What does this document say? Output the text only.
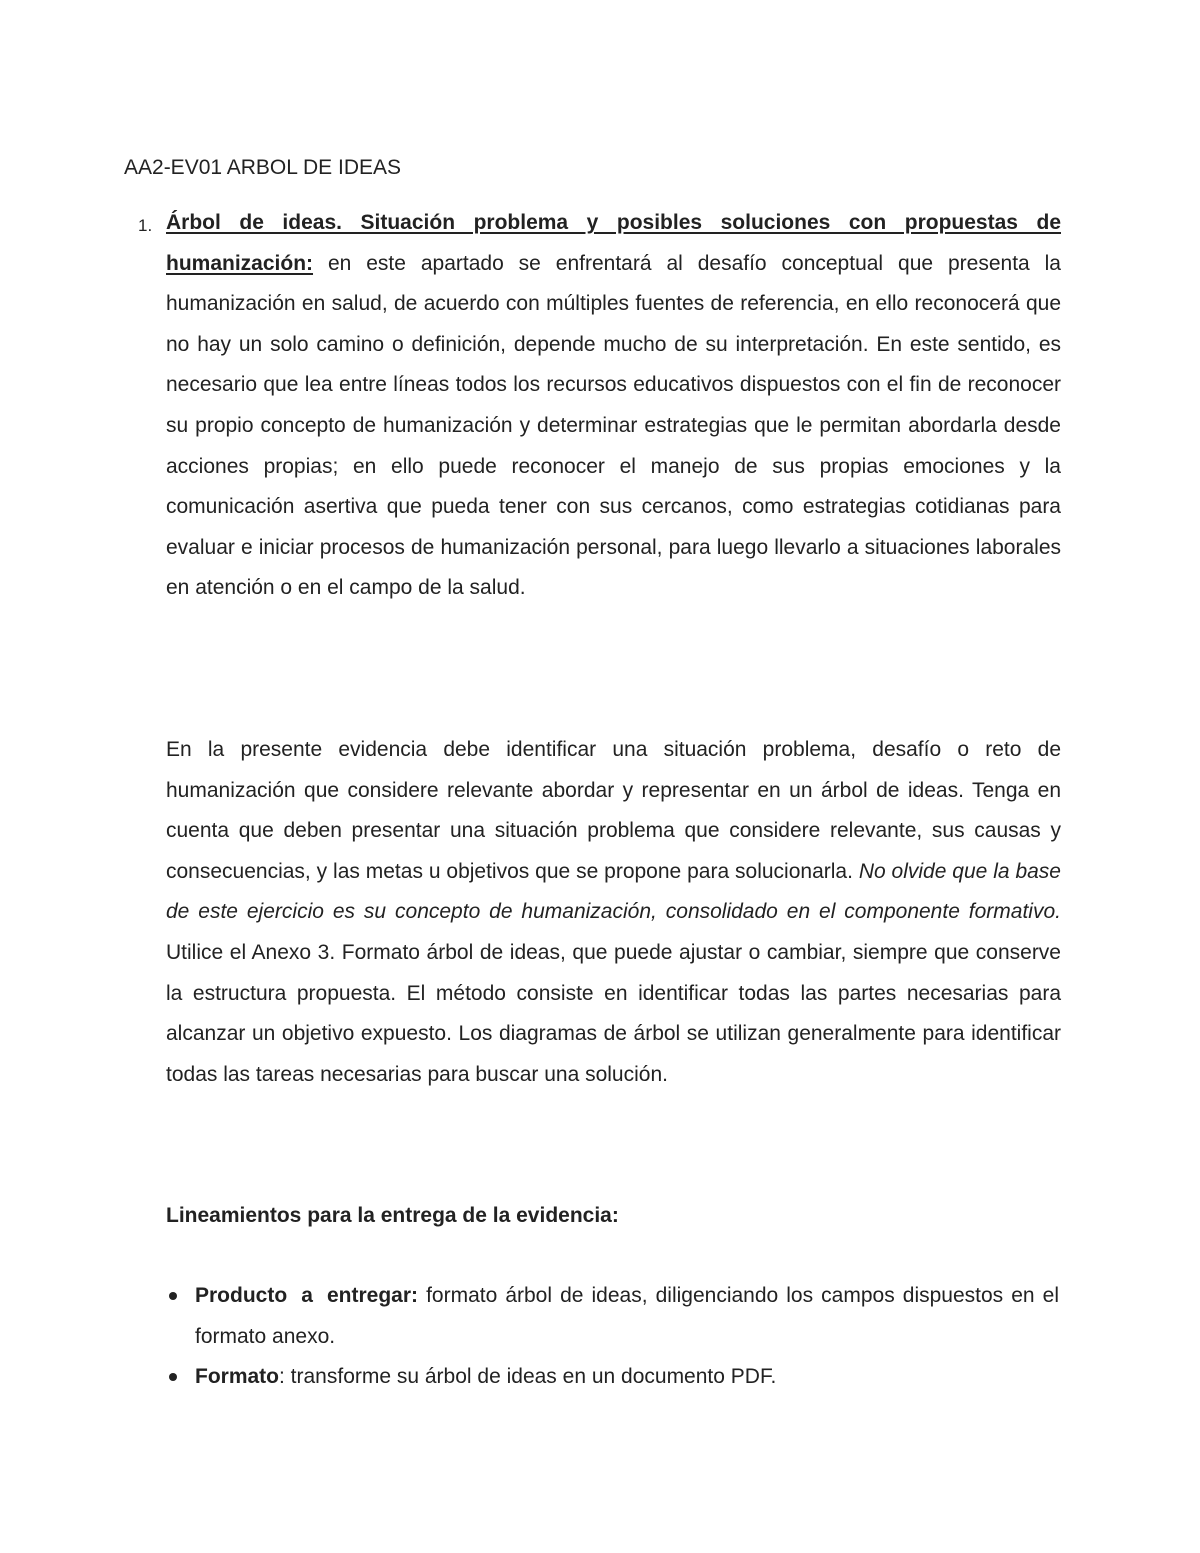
AA2-EV01 ARBOL DE IDEAS
1. Árbol de ideas. Situación problema y posibles soluciones con propuestas de humanización: en este apartado se enfrentará al desafío conceptual que presenta la humanización en salud, de acuerdo con múltiples fuentes de referencia, en ello reconocerá que no hay un solo camino o definición, depende mucho de su interpretación. En este sentido, es necesario que lea entre líneas todos los recursos educativos dispuestos con el fin de reconocer su propio concepto de humanización y determinar estrategias que le permitan abordarla desde acciones propias; en ello puede reconocer el manejo de sus propias emociones y la comunicación asertiva que pueda tener con sus cercanos, como estrategias cotidianas para evaluar e iniciar procesos de humanización personal, para luego llevarlo a situaciones laborales en atención o en el campo de la salud.

En la presente evidencia debe identificar una situación problema, desafío o reto de humanización que considere relevante abordar y representar en un árbol de ideas. Tenga en cuenta que deben presentar una situación problema que considere relevante, sus causas y consecuencias, y las metas u objetivos que se propone para solucionarla. No olvide que la base de este ejercicio es su concepto de humanización, consolidado en el componente formativo. Utilice el Anexo 3. Formato árbol de ideas, que puede ajustar o cambiar, siempre que conserve la estructura propuesta. El método consiste en identificar todas las partes necesarias para alcanzar un objetivo expuesto. Los diagramas de árbol se utilizan generalmente para identificar todas las tareas necesarias para buscar una solución.

Lineamientos para la entrega de la evidencia:

Producto a entregar: formato árbol de ideas, diligenciando los campos dispuestos en el formato anexo.
Formato: transforme su árbol de ideas en un documento PDF.
